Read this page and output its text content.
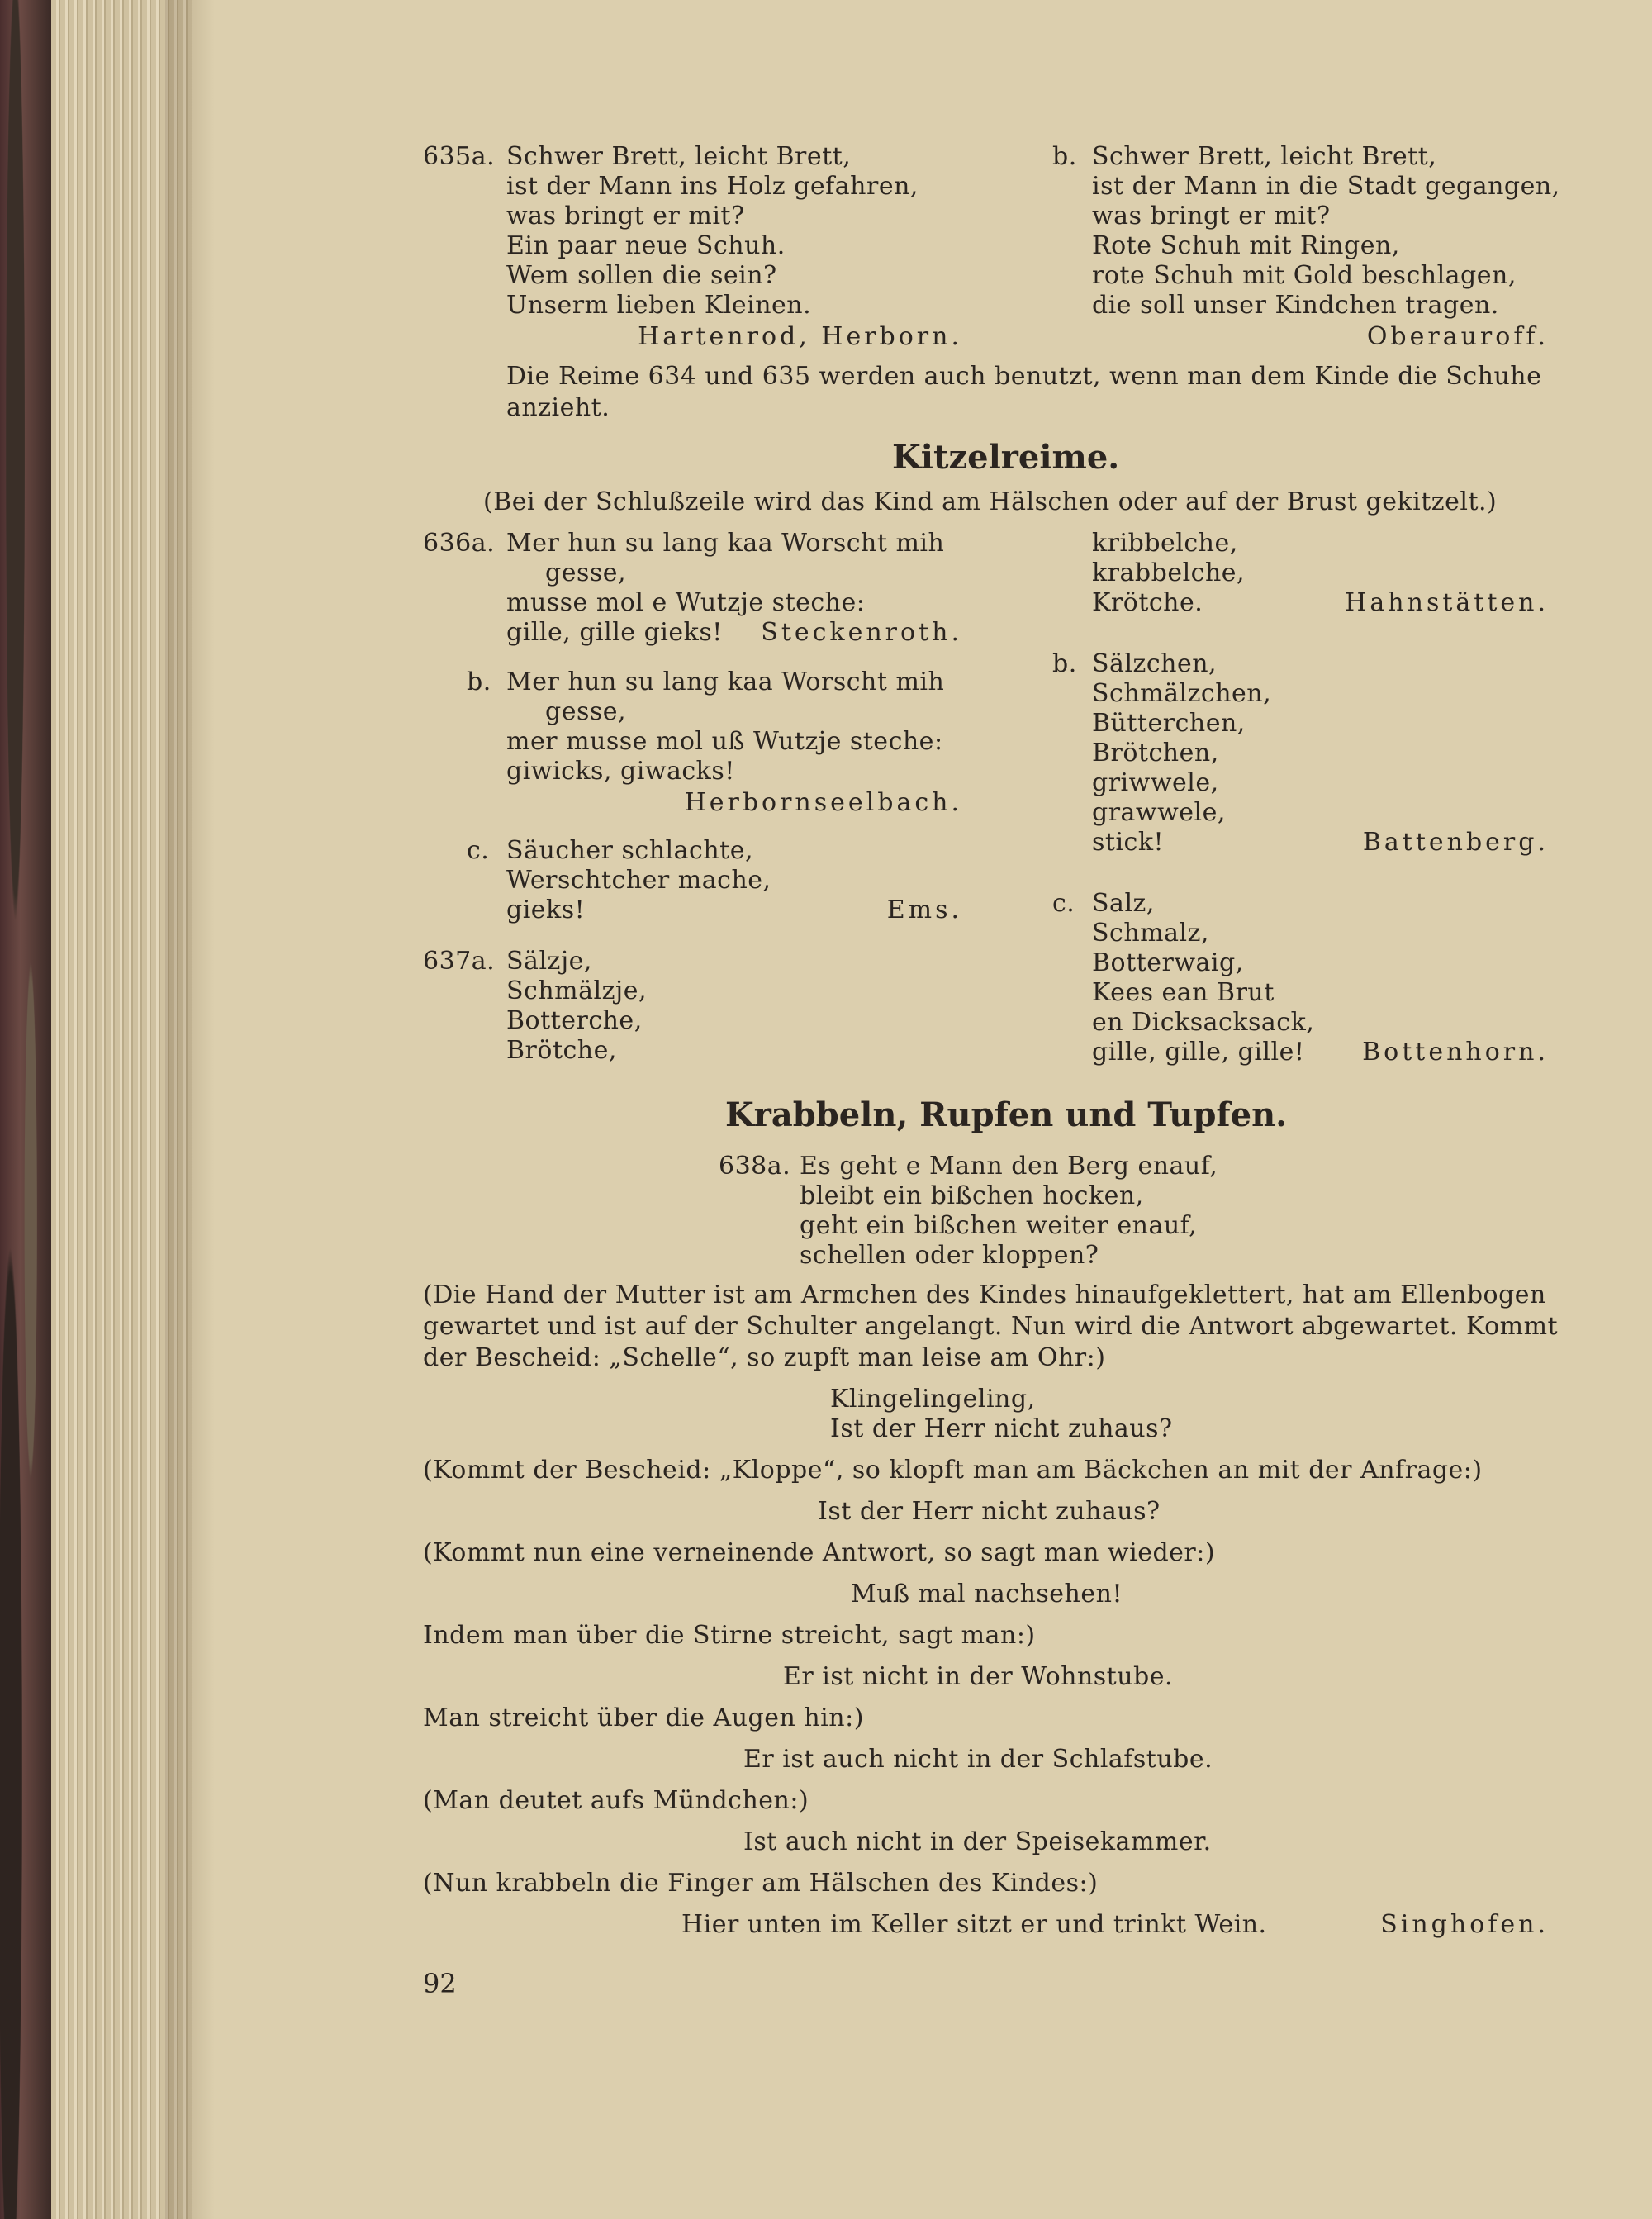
635a. Schwer Brett, leicht Brett,
ist der Mann ins Holz gefahren,
was bringt er mit?
Ein paar neue Schuh.
Wem sollen die sein?
Unserm lieben Kleinen.
Hartenrod, Herborn.
b. Schwer Brett, leicht Brett,
ist der Mann in die Stadt gegangen,
was bringt er mit?
Rote Schuh mit Ringen,
rote Schuh mit Gold beschlagen,
die soll unser Kindchen tragen.
Oberauroff.
Die Reime 634 und 635 werden auch benutzt, wenn man dem Kinde die Schuhe
anzieht.
Kitzelreime.
(Bei der Schlußzeile wird das Kind am Hälschen oder auf der Brust gekitzelt.)
636a. Mer hun su lang kaa Worscht mih
gesse,
musse mol e Wutzje steche:
gille, gille gieks! Steckenroth.
b. Mer hun su lang kaa Worscht mih
gesse,
mer musse mol uß Wutzje steche:
giwicks, giwacks!
Herbornseelbach.
c. Säucher schlachte,
Werschtcher mache,
gieks!	Ems.
637a. Sälzje,
Schmälzje,
Botterche,
Brötche,
kribbelche,
krabbelche,
Krötche.	Hahnstätten.
b. Sälzchen,
Schmälzchen,
Bütterchen,
Brötchen,
griwwele,
grawwele,
stick!	Battenberg.
c. Salz,
Schmalz,
Botterwaig,
Kees ean Brut
en Dicksacksack,
gille, gille, gille! Bottenhorn.
Krabbeln, Rupfen und Tupfen.
638a. Es geht e Mann den Berg enauf,
bleibt ein bißchen hocken,
geht ein bißchen weiter enauf,
schellen oder kloppen?
(Die Hand der Mutter ist am Armchen des Kindes hinaufgeklettert, hat am Ellenbogen
gewartet und ist auf der Schulter angelangt. Nun wird die Antwort abgewartet. Kommt
der Bescheid: „Schelle“, so zupft man leise am Ohr:)
Klingelingeling,
Ist der Herr nicht zuhaus?
(Kommt der Bescheid: „Kloppe“, so klopft man am Bäckchen an mit der Anfrage:)
Ist der Herr nicht zuhaus?
(Kommt nun eine verneinende Antwort, so sagt man wieder:)
Muß mal nachsehen!
Indem man über die Stirne streicht, sagt man:)
Er ist nicht in der Wohnstube.
Man streicht über die Augen hin:)
Er ist auch nicht in der Schlafstube.
(Man deutet aufs Mündchen:)
Ist auch nicht in der Speisekammer.
(Nun krabbeln die Finger am Hälschen des Kindes:)
Hier unten im Keller sitzt er und trinkt Wein.	Singhofen.
92
